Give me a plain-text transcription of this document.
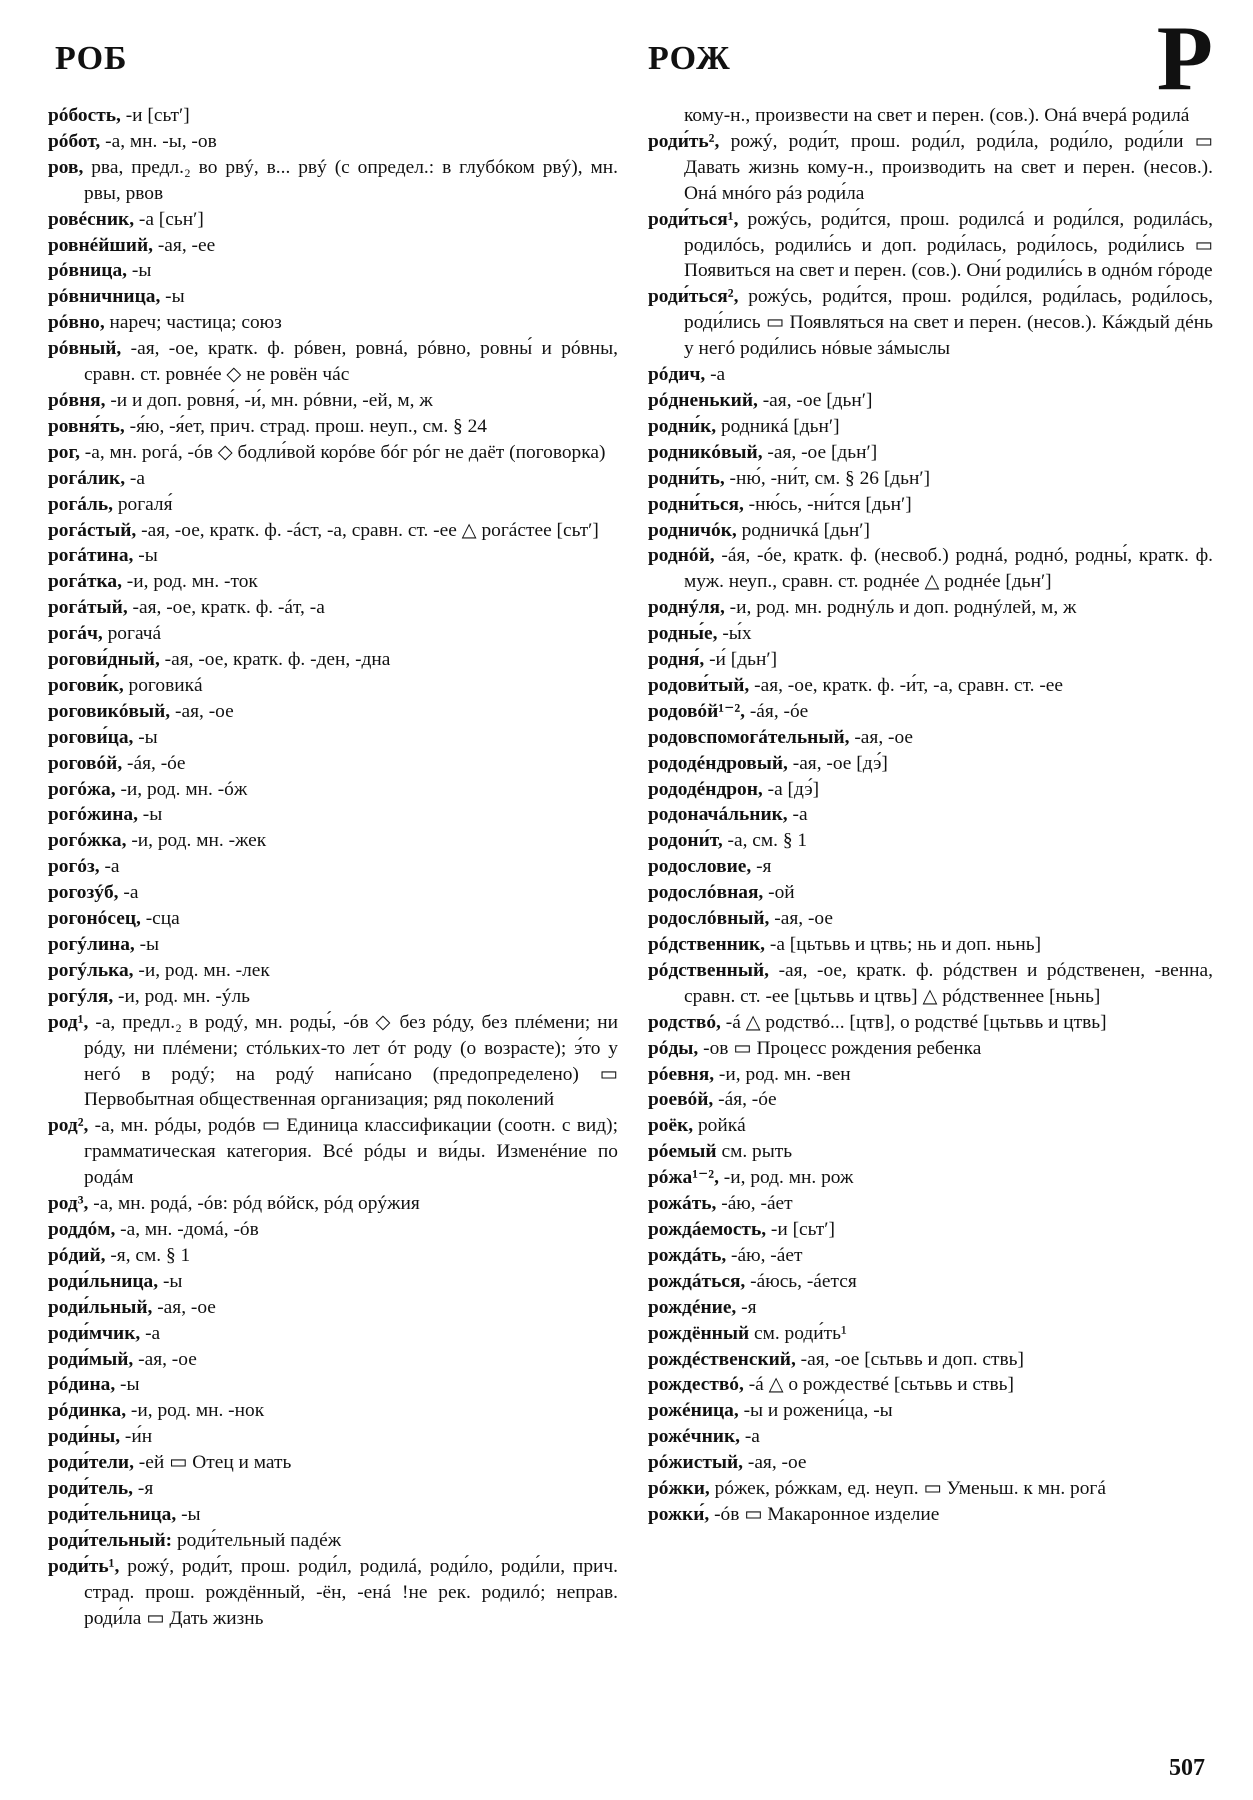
РОБ	РОЖ	Р

рóбость, -и [сьтʹ]

рóбот, -а, мн. -ы, -ов

ров, рва, предл.₂ во рвý, в... рвý (с определ.: в глубóком рвý), мн. рвы, рвов

ровéсник, -а [сьнʹ]

ровнéйший, -ая, -ее

рóвница, -ы

рóвничница, -ы

рóвно, нареч; частица; союз

рóвный, -ая, -ое, кратк. ф. рóвен, ровнá, рóвно, ровны́ и рóвны, сравн. ст. ровнéе ◇ не ровён чáс

рóвня, -и и доп. ровня́, -и́, мн. рóвни, -ей, м, ж

ровня́ть, -я́ю, -я́ет, прич. страд. прош. неуп., см. § 24

рог, -а, мн. рогá, -óв ◇ бодли́вой корóве бóг рóг не даёт (поговорка)

рогáлик, -а

рогáль, рогаля́

рогáстый, -ая, -ое, кратк. ф. -áст, -а, сравн. ст. -ее △ рогáстее [сьтʹ]

рогáтина, -ы

рогáтка, -и, род. мн. -ток

рогáтый, -ая, -ое, кратк. ф. -áт, -а

рогáч, рогачá

рогови́дный, -ая, -ое, кратк. ф. -ден, -дна

рогови́к, роговикá

роговикóвый, -ая, -ое

рогови́ца, -ы

роговóй, -áя, -óе

рогóжа, -и, род. мн. -óж

рогóжина, -ы

рогóжка, -и, род. мн. -жек

рогóз, -а

рогозýб, -а

рогонóсец, -сца

рогýлина, -ы

рогýлька, -и, род. мн. -лек

рогýля, -и, род. мн. -ýль

род¹, -а, предл.₂ в родý, мн. роды́, -óв ◇ без рóду, без плéмени; ни рóду, ни плéмени; стóльких-то лет óт роду (о возрасте); э́то у негó в родý; на родý напи́сано (предопределено) ▭ Первобытная общественная организация; ряд поколений

род², -а, мн. рóды, родóв ▭ Единица классификации (соотн. с вид); грамматическая категория. Всé рóды и ви́ды. Изменéние по родáм

род³, -а, мн. родá, -óв: рóд вóйск, рóд орýжия

роддóм, -а, мн. -домá, -óв

рóдий, -я, см. § 1

роди́льница, -ы

роди́льный, -ая, -ое

роди́мчик, -а

роди́мый, -ая, -ое

рóдина, -ы

рóдинка, -и, род. мн. -нок

роди́ны, -и́н

роди́тели, -ей ▭ Отец и мать

роди́тель, -я

роди́тельница, -ы

роди́тельный: роди́тельный падéж

роди́ть¹, рожý, роди́т, прош. роди́л, родилá, роди́ло, роди́ли, прич. страд. прош. рождённый, -ён, -енá !не рек. родилó; неправ. роди́ла ▭ Дать жизнь

кому-н., произвести на свет и перен. (сов.). Онá вчерá родилá

роди́ть², рожý, роди́т, прош. роди́л, роди́ла, роди́ло, роди́ли ▭ Давать жизнь кому-н., производить на свет и перен. (несов.). Онá мнóго рáз роди́ла

роди́ться¹, рожýсь, роди́тся, прош. родилсá и роди́лся, родилáсь, родилóсь, родили́сь и доп. роди́лась, роди́лось, роди́лись ▭ Появиться на свет и перен. (сов.). Они́ родили́сь в однóм гóроде

роди́ться², рожýсь, роди́тся, прош. роди́лся, роди́лась, роди́лось, роди́лись ▭ Появляться на свет и перен. (несов.). Кáждый дéнь у негó роди́лись нóвые зáмыслы

рóдич, -а

рóдненький, -ая, -ое [дьнʹ]

родни́к, родникá [дьнʹ]

родникóвый, -ая, -ое [дьнʹ]

родни́ть, -ню́, -ни́т, см. § 26 [дьнʹ]

родни́ться, -ню́сь, -ни́тся [дьнʹ]

родничóк, родничкá [дьнʹ]

роднóй, -áя, -óе, кратк. ф. (несвоб.) роднá, роднó, родны́, кратк. ф. муж. неуп., сравн. ст. роднéе △ роднéе [дьнʹ]

роднýля, -и, род. мн. роднýль и доп. роднýлей, м, ж

родны́е, -ы́х

родня́, -и́ [дьнʹ]

родови́тый, -ая, -ое, кратк. ф. -и́т, -а, сравн. ст. -ее

родовóй¹⁻², -áя, -óе

родовспомогáтельный, -ая, -ое

рододéндровый, -ая, -ое [дэ́]

рододéндрон, -а [дэ́]

родоначáльник, -а

родони́т, -а, см. § 1

родословие, -я

родослóвная, -ой

родослóвный, -ая, -ое

рóдственник, -а [цьтьвь и цтвь; нь и доп. ньнь]

рóдственный, -ая, -ое, кратк. ф. рóдствен и рóдственен, -венна, сравн. ст. -ее [цьтьвь и цтвь] △ рóдственнее [ньнь]

родствó, -á △ родствó... [цтв], о родствé [цьтьвь и цтвь]

рóды, -ов ▭ Процесс рождения ребенка

рóевня, -и, род. мн. -вен

роевóй, -áя, -óе

роёк, ройкá

рóемый см. рыть

рóжа¹⁻², -и, род. мн. рож

рожáть, -áю, -áет

рождáемость, -и [сьтʹ]

рождáть, -áю, -áет

рождáться, -áюсь, -áется

рождéние, -я

рождённый см. роди́ть¹

рождéственский, -ая, -ое [сьтьвь и доп. ствь]

рождествó, -á △ о рождествé [сьтьвь и ствь]

рожéница, -ы и рожени́ца, -ы

рожéчник, -а

рóжистый, -ая, -ое

рóжки, рóжек, рóжкам, ед. неуп. ▭ Уменьш. к мн. рогá

рожки́, -óв ▭ Макаронное изделие

507
